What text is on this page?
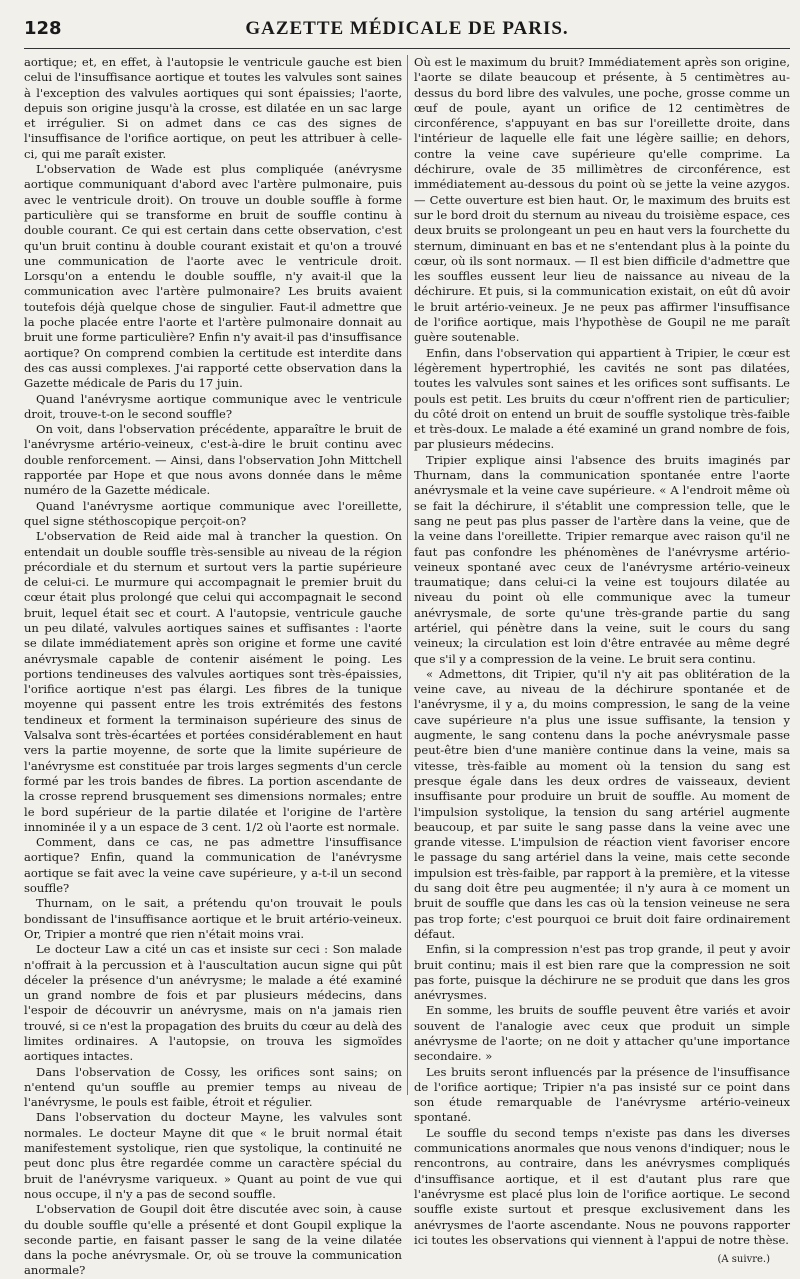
128	GAZETTE MÉDICALE DE PARIS.

aortique; et, en effet, à l'autopsie le ventricule gauche est bien celui de l'insuffisance aortique et toutes les valvules sont saines à l'exception des valvules aortiques qui sont épaissies; l'aorte, depuis son origine jusqu'à la crosse, est dilatée en un sac large et irrégulier. Si on admet dans ce cas des signes de l'insuffisance de l'orifice aortique, on peut les attribuer à celle-ci, qui me paraît exister.

L'observation de Wade est plus compliquée (anévrysme aortique communiquant d'abord avec l'artère pulmonaire, puis avec le ventricule droit). On trouve un double souffle à forme particulière qui se transforme en bruit de souffle continu à double courant. Ce qui est certain dans cette observation, c'est qu'un bruit continu à double courant existait et qu'on a trouvé une communication de l'aorte avec le ventricule droit. Lorsqu'on a entendu le double souffle, n'y avait-il que la communication avec l'artère pulmonaire? Les bruits avaient toutefois déjà quelque chose de singulier. Faut-il admettre que la poche placée entre l'aorte et l'artère pulmonaire donnait au bruit une forme particulière? Enfin n'y avait-il pas d'insuffisance aortique? On comprend combien la certitude est interdite dans des cas aussi complexes. J'ai rapporté cette observation dans la Gazette médicale de Paris du 17 juin.

Quand l'anévrysme aortique communique avec le ventricule droit, trouve-t-on le second souffle?

On voit, dans l'observation précédente, apparaître le bruit de l'anévrysme artério-veineux, c'est-à-dire le bruit continu avec double renforcement. — Ainsi, dans l'observation John Mittchell rapportée par Hope et que nous avons donnée dans le même numéro de la Gazette médicale.

Quand l'anévrysme aortique communique avec l'oreillette, quel signe stéthoscopique perçoit-on?

L'observation de Reid aide mal à trancher la question. On entendait un double souffle très-sensible au niveau de la région précordiale et du sternum et surtout vers la partie supérieure de celui-ci. Le murmure qui accompagnait le premier bruit du cœur était plus prolongé que celui qui accompagnait le second bruit, lequel était sec et court. A l'autopsie, ventricule gauche un peu dilaté, valvules aortiques saines et suffisantes : l'aorte se dilate immédiatement après son origine et forme une cavité anévrysmale capable de contenir aisément le poing. Les portions tendineuses des valvules aortiques sont très-épaissies, l'orifice aortique n'est pas élargi. Les fibres de la tunique moyenne qui passent entre les trois extrémités des festons tendineux et forment la terminaison supérieure des sinus de Valsalva sont très-écartées et portées considérablement en haut vers la partie moyenne, de sorte que la limite supérieure de l'anévrysme est constituée par trois larges segments d'un cercle formé par les trois bandes de fibres. La portion ascendante de la crosse reprend brusquement ses dimensions normales; entre le bord supérieur de la partie dilatée et l'origine de l'artère innominée il y a un espace de 3 cent. 1/2 où l'aorte est normale.

Comment, dans ce cas, ne pas admettre l'insuffisance aortique? Enfin, quand la communication de l'anévrysme aortique se fait avec la veine cave supérieure, y a-t-il un second souffle?

Thurnam, on le sait, a prétendu qu'on trouvait le pouls bondissant de l'insuffisance aortique et le bruit artério-veineux. Or, Tripier a montré que rien n'était moins vrai.

Le docteur Law a cité un cas et insiste sur ceci : Son malade n'offrait à la percussion et à l'auscultation aucun signe qui pût déceler la présence d'un anévrysme; le malade a été examiné un grand nombre de fois et par plusieurs médecins, dans l'espoir de découvrir un anévrysme, mais on n'a jamais rien trouvé, si ce n'est la propagation des bruits du cœur au delà des limites ordinaires. A l'autopsie, on trouva les sigmoïdes aortiques intactes.

Dans l'observation de Cossy, les orifices sont sains; on n'entend qu'un souffle au premier temps au niveau de l'anévrysme, le pouls est faible, étroit et régulier.

Dans l'observation du docteur Mayne, les valvules sont normales. Le docteur Mayne dit que « le bruit normal était manifestement systolique, rien que systolique, la continuité ne peut donc plus être regardée comme un caractère spécial du bruit de l'anévrysme variqueux. » Quant au point de vue qui nous occupe, il n'y a pas de second souffle.

L'observation de Goupil doit être discutée avec soin, à cause du double souffle qu'elle a présenté et dont Goupil explique la seconde partie, en faisant passer le sang de la veine dilatée dans la poche anévrysmale. Or, où se trouve la communication anormale?

Où est le maximum du bruit? Immédiatement après son origine, l'aorte se dilate beaucoup et présente, à 5 centimètres au-dessus du bord libre des valvules, une poche, grosse comme un œuf de poule, ayant un orifice de 12 centimètres de circonférence, s'appuyant en bas sur l'oreillette droite, dans l'intérieur de laquelle elle fait une légère saillie; en dehors, contre la veine cave supérieure qu'elle comprime. La déchirure, ovale de 35 millimètres de circonférence, est immédiatement au-dessous du point où se jette la veine azygos. — Cette ouverture est bien haut. Or, le maximum des bruits est sur le bord droit du sternum au niveau du troisième espace, ces deux bruits se prolongeant un peu en haut vers la fourchette du sternum, diminuant en bas et ne s'entendant plus à la pointe du cœur, où ils sont normaux. — Il est bien difficile d'admettre que les souffles eussent leur lieu de naissance au niveau de la déchirure. Et puis, si la communication existait, on eût dû avoir le bruit artério-veineux. Je ne peux pas affirmer l'insuffisance de l'orifice aortique, mais l'hypothèse de Goupil ne me paraît guère soutenable.

Enfin, dans l'observation qui appartient à Tripier, le cœur est légèrement hypertrophié, les cavités ne sont pas dilatées, toutes les valvules sont saines et les orifices sont suffisants. Le pouls est petit. Les bruits du cœur n'offrent rien de particulier; du côté droit on entend un bruit de souffle systolique très-faible et très-doux. Le malade a été examiné un grand nombre de fois, par plusieurs médecins.

Tripier explique ainsi l'absence des bruits imaginés par Thurnam, dans la communication spontanée entre l'aorte anévrysmale et la veine cave supérieure. « A l'endroit même où se fait la déchirure, il s'établit une compression telle, que le sang ne peut pas plus passer de l'artère dans la veine, que de la veine dans l'oreillette. Tripier remarque avec raison qu'il ne faut pas confondre les phénomènes de l'anévrysme artério-veineux spontané avec ceux de l'anévrysme artério-veineux traumatique; dans celui-ci la veine est toujours dilatée au niveau du point où elle communique avec la tumeur anévrysmale, de sorte qu'une très-grande partie du sang artériel, qui pénètre dans la veine, suit le cours du sang veineux; la circulation est loin d'être entravée au même degré que s'il y a compression de la veine. Le bruit sera continu.

« Admettons, dit Tripier, qu'il n'y ait pas oblitération de la veine cave, au niveau de la déchirure spontanée et de l'anévrysme, il y a, du moins compression, le sang de la veine cave supérieure n'a plus une issue suffisante, la tension y augmente, le sang contenu dans la poche anévrysmale passe peut-être bien d'une manière continue dans la veine, mais sa vitesse, très-faible au moment où la tension du sang est presque égale dans les deux ordres de vaisseaux, devient insuffisante pour produire un bruit de souffle. Au moment de l'impulsion systolique, la tension du sang artériel augmente beaucoup, et par suite le sang passe dans la veine avec une grande vitesse. L'impulsion de réaction vient favoriser encore le passage du sang artériel dans la veine, mais cette seconde impulsion est très-faible, par rapport à la première, et la vitesse du sang doit être peu augmentée; il n'y aura à ce moment un bruit de souffle que dans les cas où la tension veineuse ne sera pas trop forte; c'est pourquoi ce bruit doit faire ordinairement défaut.

Enfin, si la compression n'est pas trop grande, il peut y avoir bruit continu; mais il est bien rare que la compression ne soit pas forte, puisque la déchirure ne se produit que dans les gros anévrysmes.

En somme, les bruits de souffle peuvent être variés et avoir souvent de l'analogie avec ceux que produit un simple anévrysme de l'aorte; on ne doit y attacher qu'une importance secondaire. »

Les bruits seront influencés par la présence de l'insuffisance de l'orifice aortique; Tripier n'a pas insisté sur ce point dans son étude remarquable de l'anévrysme artério-veineux spontané.

Le souffle du second temps n'existe pas dans les diverses communications anormales que nous venons d'indiquer; nous le rencontrons, au contraire, dans les anévrysmes compliqués d'insuffisance aortique, et il est d'autant plus rare que l'anévrysme est placé plus loin de l'orifice aortique. Le second souffle existe surtout et presque exclusivement dans les anévrysmes de l'aorte ascendante. Nous ne pouvons rapporter ici toutes les observations qui viennent à l'appui de notre thèse.

(A suivre.)
